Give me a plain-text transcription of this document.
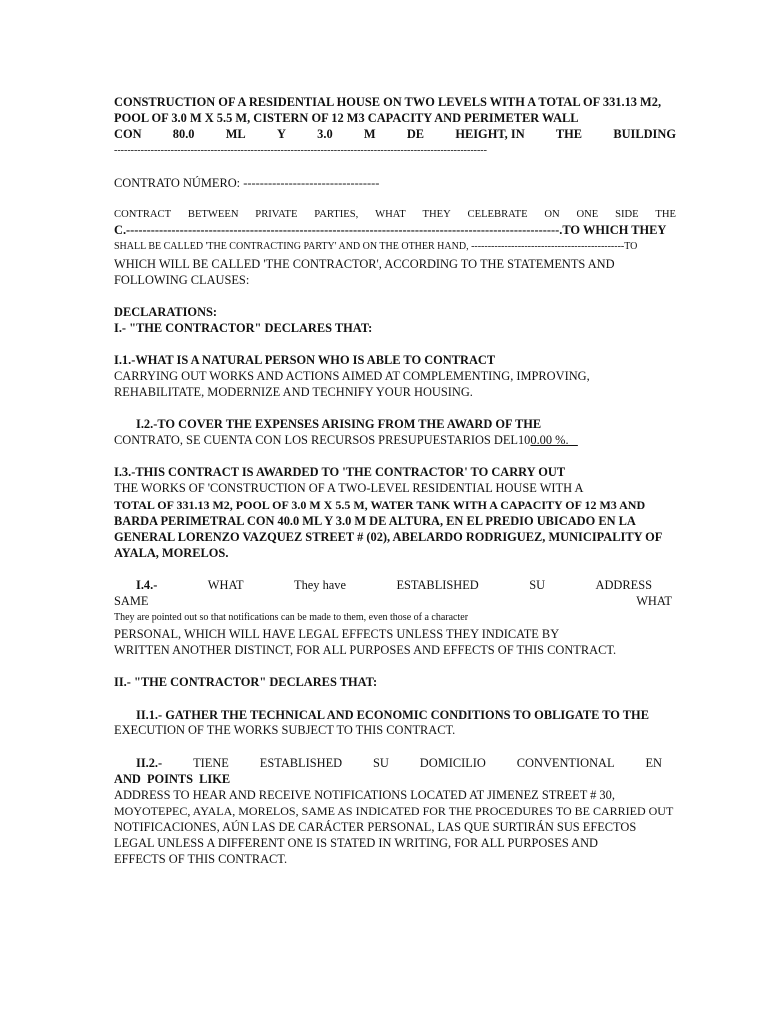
CONSTRUCTION OF A RESIDENTIAL HOUSE ON TWO LEVELS WITH A TOTAL OF 331.13 M2,
POOL OF 3.0 M X 5.5 M, CISTERN OF 12 M3 CAPACITY AND PERIMETER WALL
CON	80.0	ML	Y	3.0	M	DE	HEIGHT, IN	THE	BUILDING
----------------------------------------------------------------------------------------------------------------
CONTRATO NÚMERO: ---------------------------------
CONTRACT BETWEEN PRIVATE PARTIES, WHAT THEY CELEBRATE ON ONE SIDE THE
C.---------------------------------------------------------------------------------------------------------.TO WHICH THEY
SHALL BE CALLED 'THE CONTRACTING PARTY' AND ON THE OTHER HAND, ----------------------------------------------TO
WHICH WILL BE CALLED 'THE CONTRACTOR', ACCORDING TO THE STATEMENTS AND
FOLLOWING CLAUSES:
DECLARATIONS:
I.- "THE CONTRACTOR" DECLARES THAT:
I.1.-WHAT IS A NATURAL PERSON WHO IS ABLE TO CONTRACT
CARRYING OUT WORKS AND ACTIONS AIMED AT COMPLEMENTING, IMPROVING,
REHABILITATE, MODERNIZE AND TECHNIFY YOUR HOUSING.
I.2.-TO COVER THE EXPENSES ARISING FROM THE AWARD OF THE
CONTRATO, SE CUENTA CON LOS RECURSOS PRESUPUESTARIOS DEL100.00 %.
I.3.-THIS CONTRACT IS AWARDED TO 'THE CONTRACTOR' TO CARRY OUT
THE WORKS OF 'CONSTRUCTION OF A TWO-LEVEL RESIDENTIAL HOUSE WITH A
TOTAL OF 331.13 M2, POOL OF 3.0 M X 5.5 M, WATER TANK WITH A CAPACITY OF 12 M3 AND
BARDA PERIMETRAL CON 40.0 ML Y 3.0 M DE ALTURA, EN EL PREDIO UBICADO EN LA
GENERAL LORENZO VAZQUEZ STREET # (02), ABELARDO RODRIGUEZ, MUNICIPALITY OF
AYALA, MORELOS.
I.4.-	WHAT	They have	ESTABLISHED	SU	ADDRESS
SAME	WHAT
They are pointed out so that notifications can be made to them, even those of a character
PERSONAL, WHICH WILL HAVE LEGAL EFFECTS UNLESS THEY INDICATE BY
WRITTEN ANOTHER DISTINCT, FOR ALL PURPOSES AND EFFECTS OF THIS CONTRACT.
II.- "THE CONTRACTOR" DECLARES THAT:
II.1.- GATHER THE TECHNICAL AND ECONOMIC CONDITIONS TO OBLIGATE TO THE
EXECUTION OF THE WORKS SUBJECT TO THIS CONTRACT.
II.2.- TIENE ESTABLISHED SU DOMICILIO CONVENTIONAL EN
AND POINTS LIKE
ADDRESS TO HEAR AND RECEIVE NOTIFICATIONS LOCATED AT JIMENEZ STREET # 30,
MOYOTEPEC, AYALA, MORELOS, SAME AS INDICATED FOR THE PROCEDURES TO BE CARRIED OUT
NOTIFICACIONES, AÚN LAS DE CARÁCTER PERSONAL, LAS QUE SURTIRÁN SUS EFECTOS
LEGAL UNLESS A DIFFERENT ONE IS STATED IN WRITING, FOR ALL PURPOSES AND
EFFECTS OF THIS CONTRACT.
